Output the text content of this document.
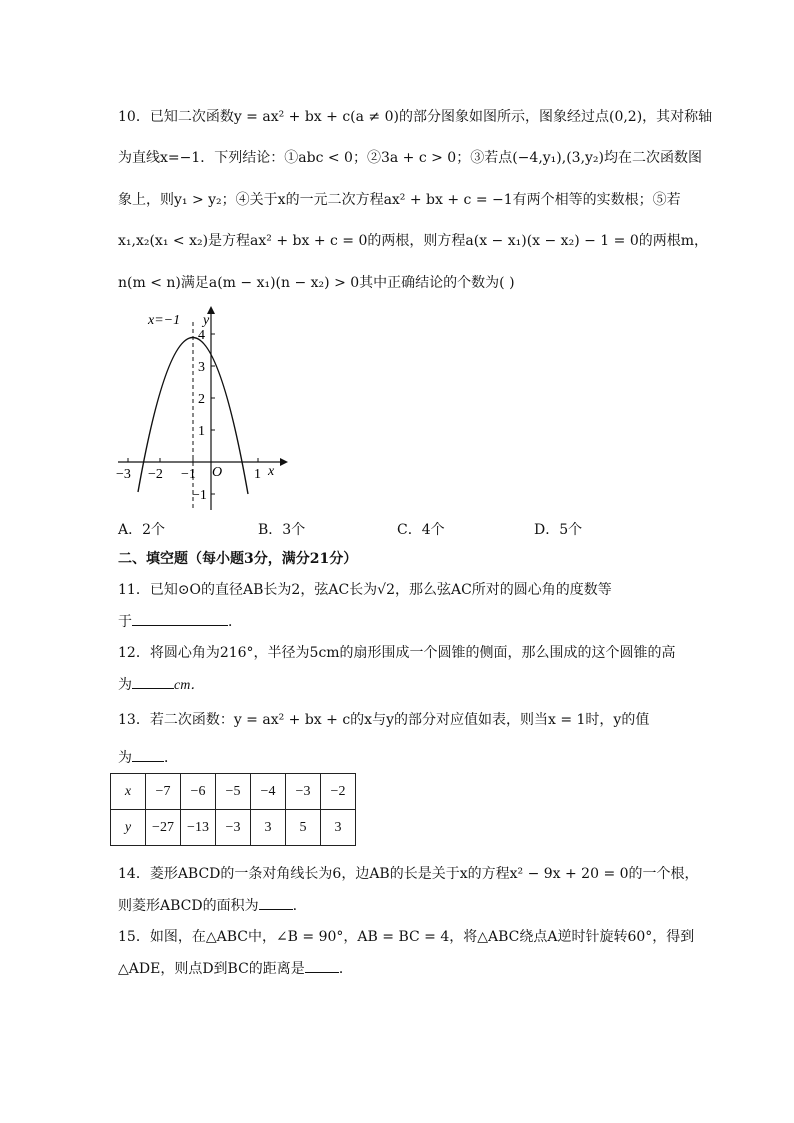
10．已知二次函数y = ax² + bx + c(a ≠ 0)的部分图象如图所示，图象经过点(0,2)，其对称轴
为直线x=−1．下列结论：①abc < 0；②3a + c > 0；③若点(−4,y₁),(3,y₂)均在二次函数图
象上，则y₁ > y₂；④关于x的一元二次方程ax² + bx + c = −1有两个相等的实数根；⑤若
x₁,x₂(x₁ < x₂)是方程ax² + bx + c = 0的两根，则方程a(x − x₁)(x − x₂) − 1 = 0的两根m，
n(m < n)满足a(m − x₁)(n − x₂) > 0其中正确结论的个数为( )
x=−1 y
x
O
4
3
2
1
−1
−3 −2 −1	1
A．2个	B．3个	C．4个	D．5个
二、填空题（每小题3分，满分21分）
11．已知⊙O的直径AB长为2，弦AC长为√2，那么弦AC所对的圆心角的度数等
于	．
12．将圆心角为216°，半径为5cm的扇形围成一个圆锥的侧面，那么围成的这个圆锥的高
为	cm．
13．若二次函数：y = ax² + bx + c的x与y的部分对应值如表，则当x = 1时，y的值
为 ．
x	−7	−6	−5	−4	−3	−2
y	−27	−13	−3	3	5	3
14．菱形ABCD的一条对角线长为6，边AB的长是关于x的方程x² − 9x + 20 = 0的一个根，
则菱形ABCD的面积为 .
15．如图，在△ABC中，∠B = 90°，AB = BC = 4，将△ABC绕点A逆时针旋转60°，得到
△ADE，则点D到BC的距离是 ．
